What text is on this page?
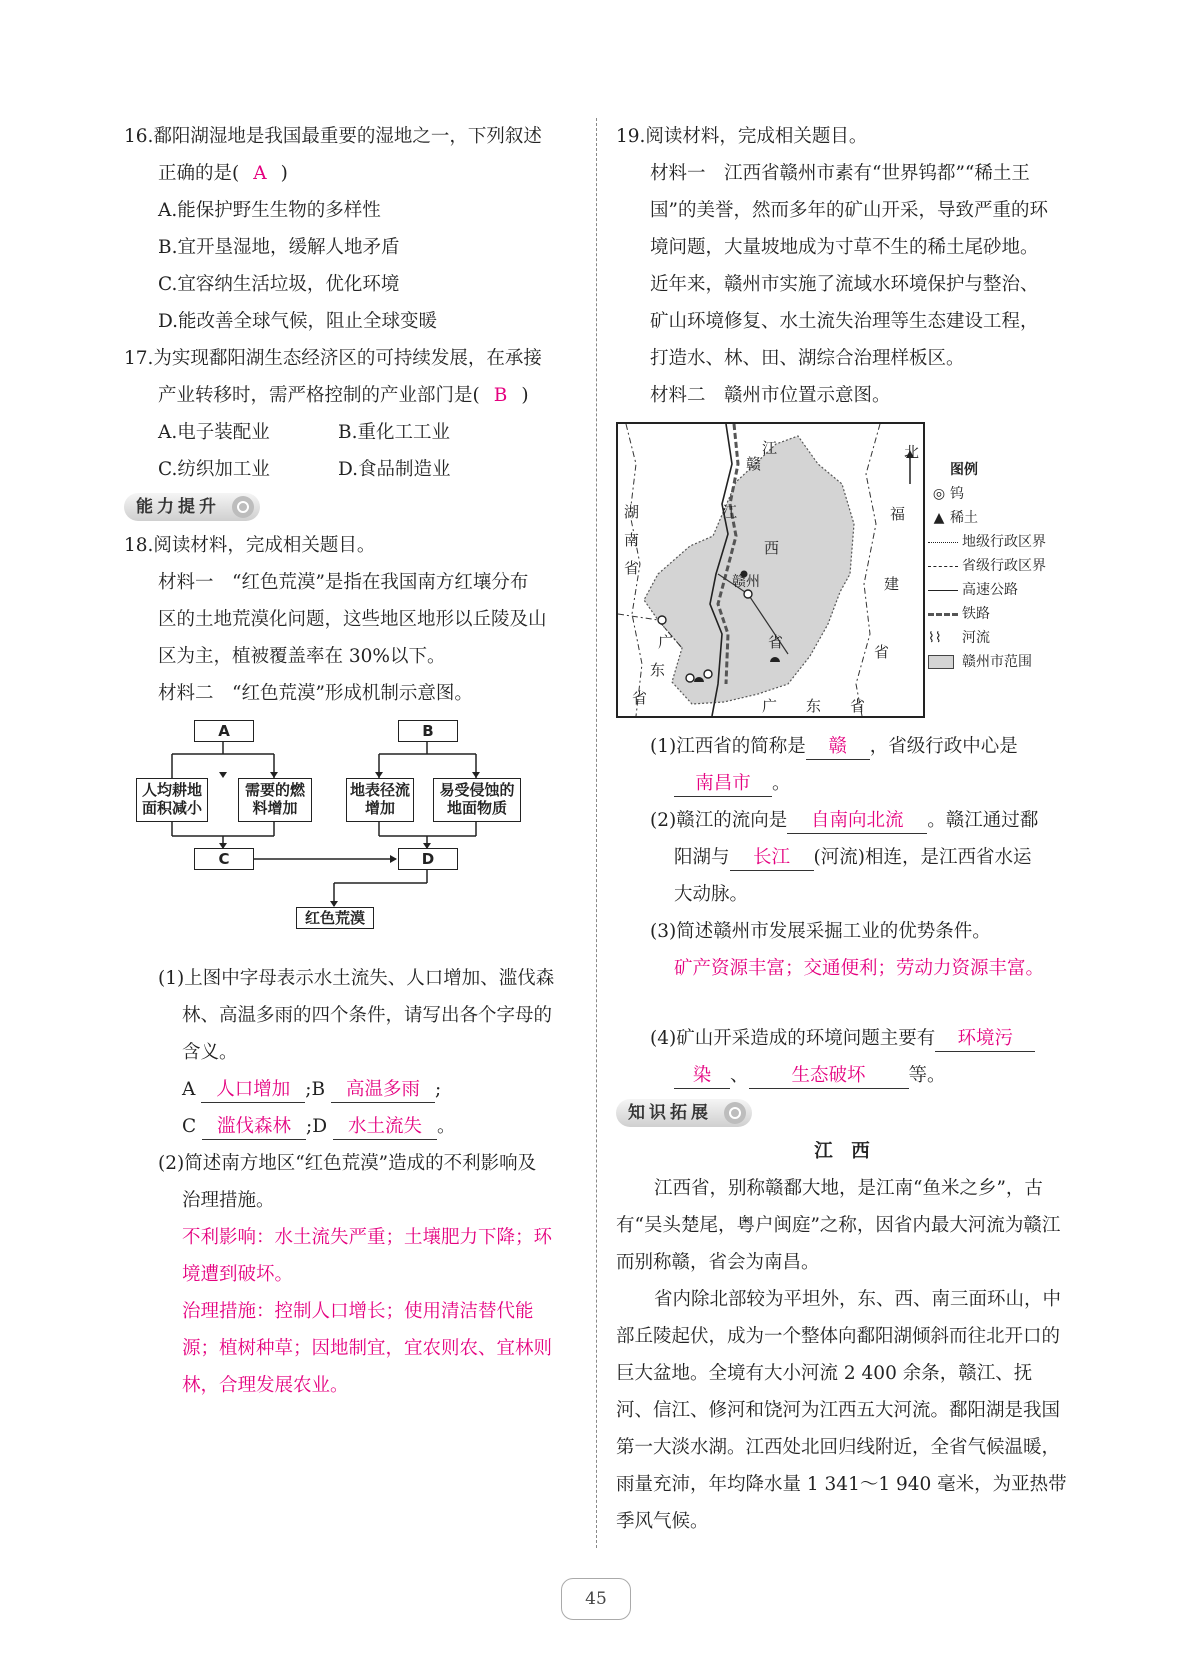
16.鄱阳湖湿地是我国最重要的湿地之一，下列叙述
正确的是( A )
A.能保护野生生物的多样性
B.宜开垦湿地，缓解人地矛盾
C.宜容纳生活垃圾，优化环境
D.能改善全球气候，阻止全球变暖
17.为实现鄱阳湖生态经济区的可持续发展，在承接
产业转移时，需严格控制的产业部门是( B )
A.电子装配业	B.重化工工业
C.纺织加工业	D.食品制造业
能力提升
18.阅读材料，完成相关题目。
材料一　“红色荒漠”是指在我国南方红壤分布
区的土地荒漠化问题，这些地区地形以丘陵及山
区为主，植被覆盖率在 30%以下。
材料二　“红色荒漠”形成机制示意图。
A	B
人均耕地面积减小
需要的燃料增加
地表径流增加
易受侵蚀的地面物质
C	D
红色荒漠
(1)上图中字母表示水土流失、人口增加、滥伐森
林、高温多雨的四个条件，请写出各个字母的
含义。
A 人口增加 ;B 高温多雨 ;
C 滥伐森林 ;D 水土流失 。
(2)简述南方地区“红色荒漠”造成的不利影响及
治理措施。
不利影响：水土流失严重；土壤肥力下降；环
境遭到破坏。
治理措施：控制人口增长；使用清洁替代能
源；植树种草；因地制宜，宜农则农、宜林则
林，合理发展农业。
19.阅读材料，完成相关题目。
材料一　江西省赣州市素有“世界钨都”“稀土王
国”的美誉，然而多年的矿山开采，导致严重的环
境问题，大量坡地成为寸草不生的稀土尾砂地。
近年来，赣州市实施了流域水环境保护与整治、
矿山环境修复、水土流失治理等生态建设工程，
打造水、林、田、湖综合治理样板区。
材料二　赣州市位置示意图。
赣
江	北
湖
南
省
福
建
省
江
西
赣州
省
广
东
省	广 东 省
图例
◎ 钨
▲ 稀土
地级行政区界
省级行政区界
高速公路
铁路
⌇⌇ 河流
赣州市范围
(1)江西省的简称是 赣 ，省级行政中心是
南昌市 。
(2)赣江的流向是 自南向北流 。赣江通过鄱
阳湖与 长江 (河流)相连，是江西省水运
大动脉。
(3)简述赣州市发展采掘工业的优势条件。
矿产资源丰富；交通便利；劳动力资源丰富。
(4)矿山开采造成的环境问题主要有 环境污
染 、 生态破坏 等。
知识拓展
江　西
江西省，别称赣鄱大地，是江南“鱼米之乡”，古有“吴头楚尾，粤户闽庭”之称，因省内最大河流为赣江而别称赣，省会为南昌。
省内除北部较为平坦外，东、西、南三面环山，中部丘陵起伏，成为一个整体向鄱阳湖倾斜而往北开口的巨大盆地。全境有大小河流 2 400 余条，赣江、抚河、信江、修河和饶河为江西五大河流。鄱阳湖是我国第一大淡水湖。江西处北回归线附近，全省气候温暖，雨量充沛，年均降水量 1 341～1 940 毫米，为亚热带季风气候。
45
